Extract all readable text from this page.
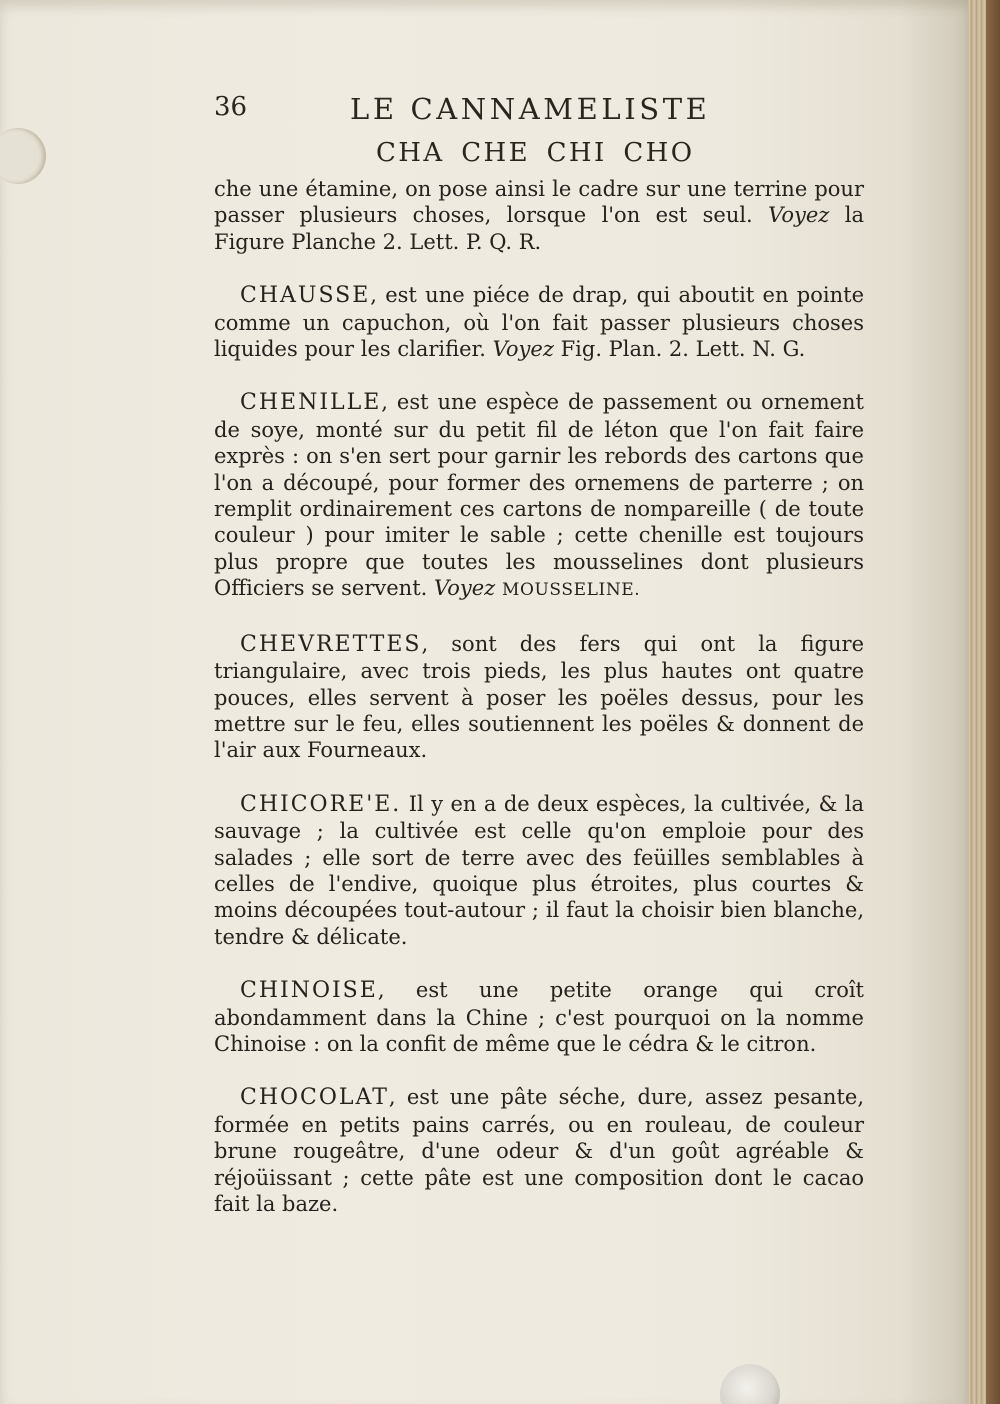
36	LE CANNAMELISTE
CHA CHE CHI CHO

che une étamine, on pose ainsi le cadre sur une terrine pour passer plusieurs choses, lorsque l'on est seul. Voyez la Figure Planche 2. Lett. P. Q. R.

CHAUSSE, est une piéce de drap, qui aboutit en pointe comme un capuchon, où l'on fait passer plusieurs choses liquides pour les clarifier. Voyez Fig. Plan. 2. Lett. N. G.

CHENILLE, est une espèce de passement ou ornement de soye, monté sur du petit fil de léton que l'on fait faire exprès : on s'en sert pour garnir les rebords des cartons que l'on a découpé, pour former des ornemens de parterre ; on remplit ordinairement ces cartons de nompareille ( de toute couleur ) pour imiter le sable ; cette chenille est toujours plus propre que toutes les mousselines dont plusieurs Officiers se servent. Voyez MOUSSELINE.

CHEVRETTES, sont des fers qui ont la figure triangulaire, avec trois pieds, les plus hautes ont quatre pouces, elles servent à poser les poëles dessus, pour les mettre sur le feu, elles soutiennent les poëles & donnent de l'air aux Fourneaux.

CHICORE'E. Il y en a de deux espèces, la cultivée, & la sauvage ; la cultivée est celle qu'on emploie pour des salades ; elle sort de terre avec des feüilles semblables à celles de l'endive, quoique plus étroites, plus courtes & moins découpées tout-autour ; il faut la choisir bien blanche, tendre & délicate.

CHINOISE, est une petite orange qui croît abondamment dans la Chine ; c'est pourquoi on la nomme Chinoise : on la confit de même que le cédra & le citron.

CHOCOLAT, est une pâte séche, dure, assez pesante, formée en petits pains carrés, ou en rouleau, de couleur brune rougeâtre, d'une odeur & d'un goût agréable & réjoüissant ; cette pâte est une composition dont le cacao fait la baze.
